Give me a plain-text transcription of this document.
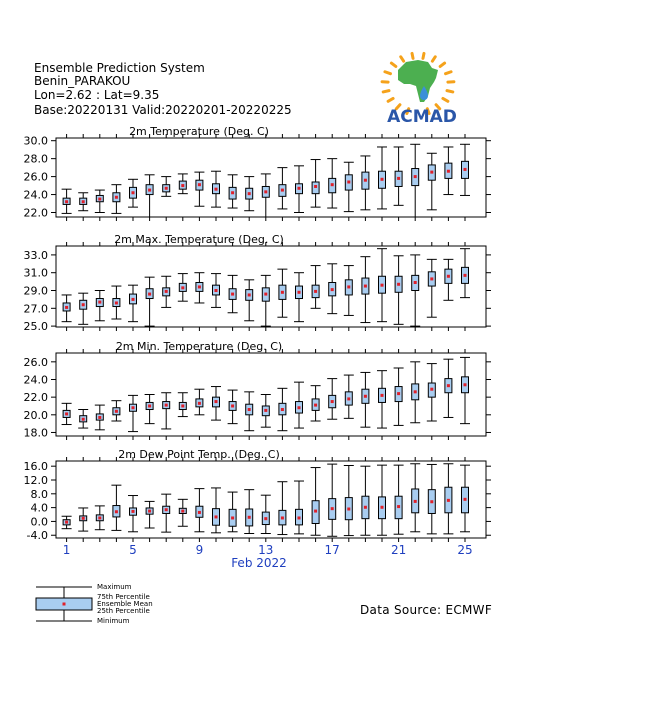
Ensemble Prediction System
Benin_PARAKOU
Lon=2.62 : Lat=9.35
Base:20220131 Valid:20220201-20220225	ACMAD
2m Temperature (Deg. C)
30.0
28.0
26.0
24.0
22.0
2m Max. Temperature (Deg. C)
33.0
31.0
29.0
27.0
25.0
2m Min. Temperature (Deg. C)
26.0
24.0
22.0
20.0
18.0
2m Dew Point Temp. (Deg. C)
16.0
12.0
8.0
4.0
0.0
-4.0
1	5	9	13	17	21	25
Feb 2022
Maximum
75th Percentile
Ensemble Mean
25th Percentile
Minimum
Data Source: ECMWF
